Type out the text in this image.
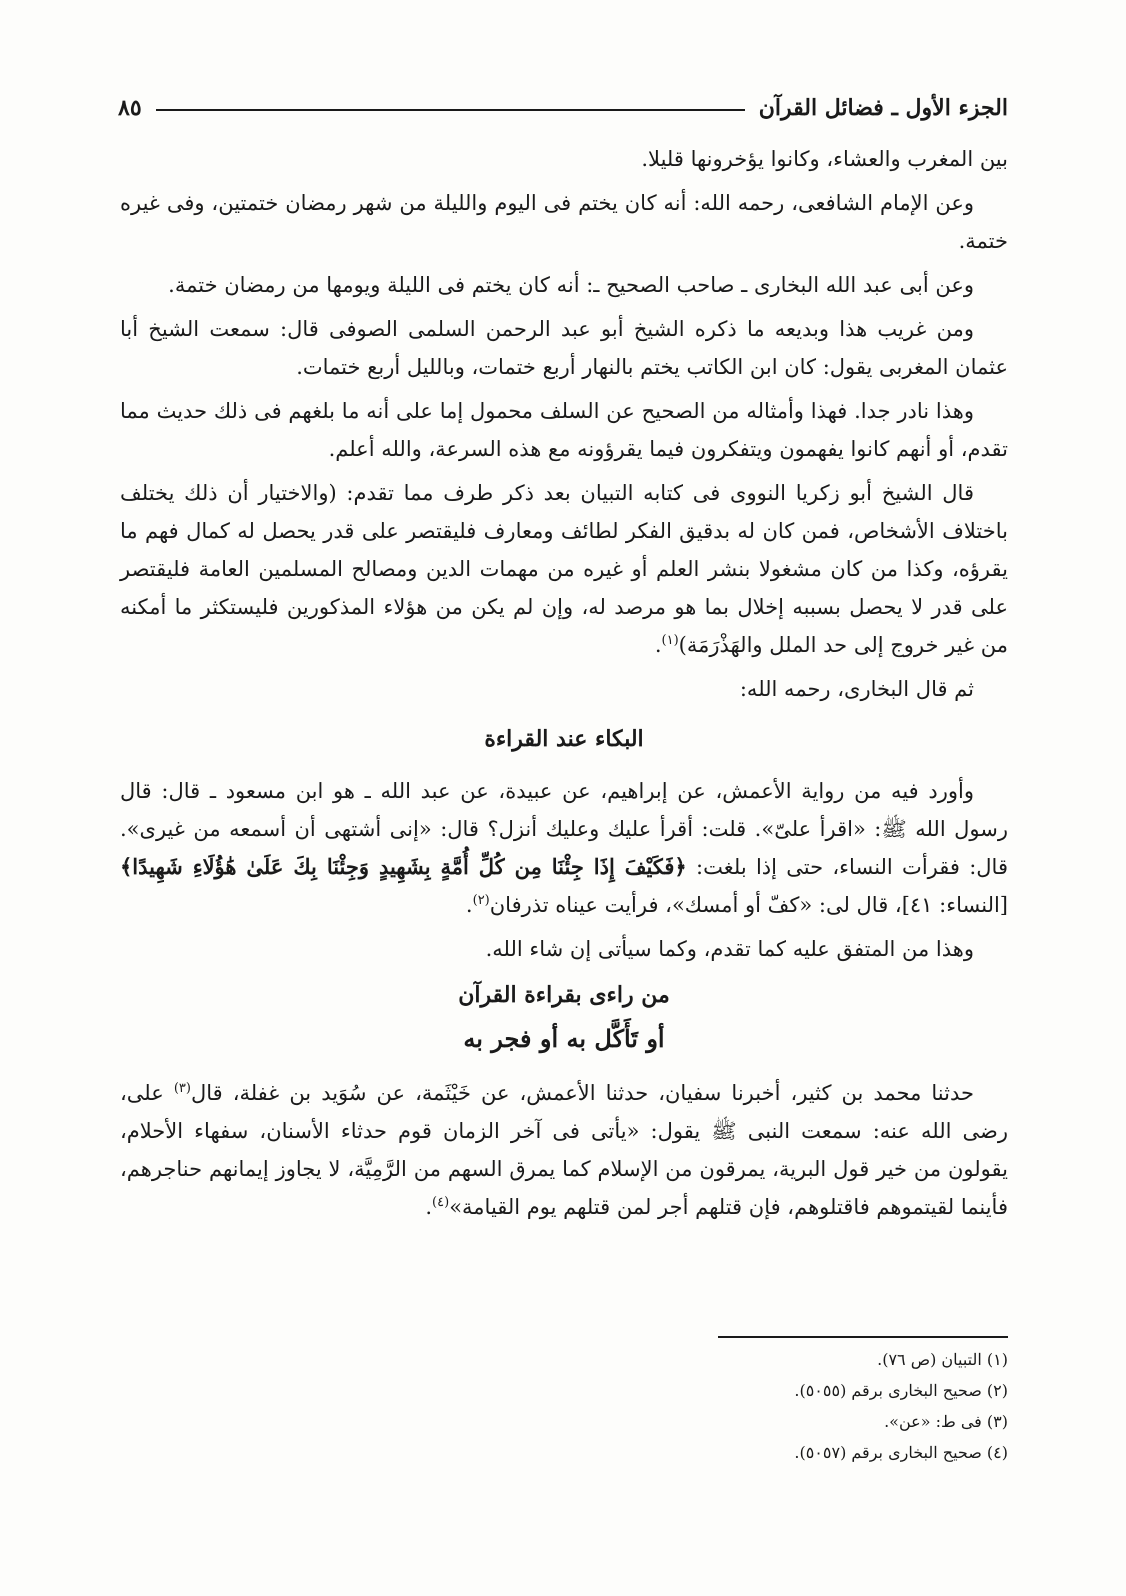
الجزء الأول ـ فضائل القرآن
٨٥

بين المغرب والعشاء، وكانوا يؤخرونها قليلا.

وعن الإمام الشافعى، رحمه الله: أنه كان يختم فى اليوم والليلة من شهر رمضان ختمتين، وفى غيره ختمة.

وعن أبى عبد الله البخارى ـ صاحب الصحيح ـ: أنه كان يختم فى الليلة ويومها من رمضان ختمة.

ومن غريب هذا وبديعه ما ذكره الشيخ أبو عبد الرحمن السلمى الصوفى قال: سمعت الشيخ أبا عثمان المغربى يقول: كان ابن الكاتب يختم بالنهار أربع ختمات، وبالليل أربع ختمات.

وهذا نادر جدا. فهذا وأمثاله من الصحيح عن السلف محمول إما على أنه ما بلغهم فى ذلك حديث مما تقدم، أو أنهم كانوا يفهمون ويتفكرون فيما يقرؤونه مع هذه السرعة، والله أعلم.

قال الشيخ أبو زكريا النووى فى كتابه التبيان بعد ذكر طرف مما تقدم: (والاختيار أن ذلك يختلف باختلاف الأشخاص، فمن كان له بدقيق الفكر لطائف ومعارف فليقتصر على قدر يحصل له كمال فهم ما يقرؤه، وكذا من كان مشغولا بنشر العلم أو غيره من مهمات الدين ومصالح المسلمين العامة فليقتصر على قدر لا يحصل بسببه إخلال بما هو مرصد له، وإن لم يكن من هؤلاء المذكورين فليستكثر ما أمكنه من غير خروج إلى حد الملل والهَذْرَمَة)$^{(١)}$.

ثم قال البخارى، رحمه الله:

البكاء عند القراءة

وأورد فيه من رواية الأعمش، عن إبراهيم، عن عبيدة، عن عبد الله ـ هو ابن مسعود ـ قال: قال رسول الله ﷺ: «اقرأ علىّ». قلت: أقرأ عليك وعليك أنزل؟ قال: «إنى أشتهى أن أسمعه من غيرى». قال: فقرأت النساء، حتى إذا بلغت: ﴿فَكَيْفَ إِذَا جِئْنَا مِن كُلِّ أُمَّةٍ بِشَهِيدٍ وَجِئْنَا بِكَ عَلَىٰ هَٰؤُلَاءِ شَهِيدًا﴾ [النساء: ٤١]، قال لى: «كفّ أو أمسك»، فرأيت عيناه تذرفان$^{(٢)}$.

وهذا من المتفق عليه كما تقدم، وكما سيأتى إن شاء الله.

من راءى بقراءة القرآن
أو تَأَكَّل به أو فجر به

حدثنا محمد بن كثير، أخبرنا سفيان، حدثنا الأعمش، عن خَيْثَمة، عن سُوَيد بن غفلة، قال$^{(٣)}$ على، رضى الله عنه: سمعت النبى ﷺ يقول: «يأتى فى آخر الزمان قوم حدثاء الأسنان، سفهاء الأحلام، يقولون من خير قول البرية، يمرقون من الإسلام كما يمرق السهم من الرَّمِيَّة، لا يجاوز إيمانهم حناجرهم، فأينما لقيتموهم فاقتلوهم، فإن قتلهم أجر لمن قتلهم يوم القيامة»$^{(٤)}$.

(١) التبيان (ص ٧٦).
(٢) صحيح البخارى برقم (٥٠٥٥).
(٣) فى ط: «عن».
(٤) صحيح البخارى برقم (٥٠٥٧).
